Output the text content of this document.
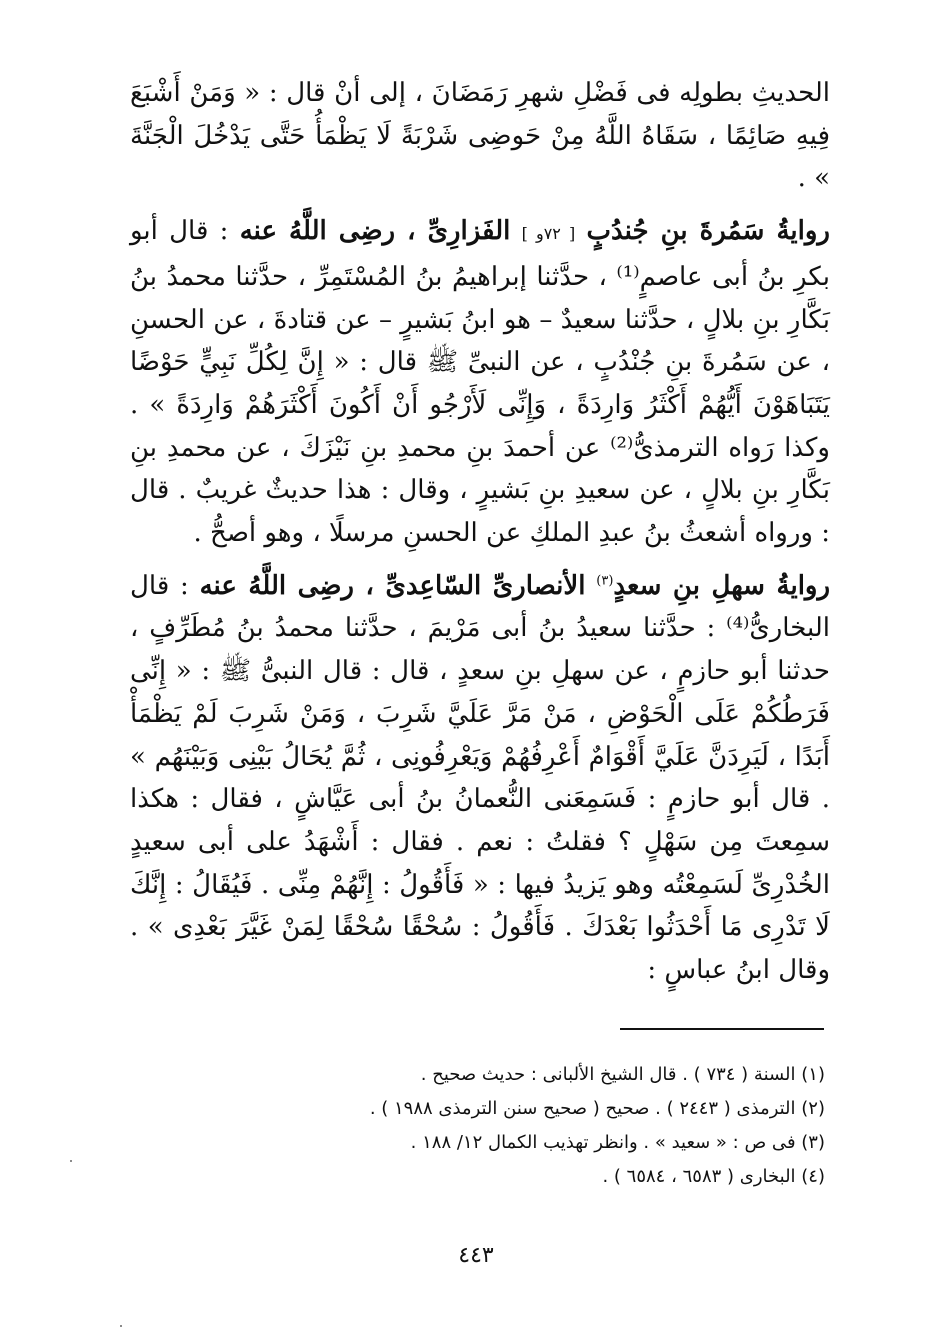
الحديثِ بطولِه فى فَضْلِ شهرِ رَمَضَانَ ، إلى أنْ قال : « وَمَنْ أَشْبَعَ فِيهِ صَائِمًا ، سَقَاهُ اللَّهُ مِنْ حَوضِى شَرْبَةً لَا يَظْمَأُ حَتَّى يَدْخُلَ الْجَنَّةَ » .

روايةُ سَمُرةَ بنِ جُندُبٍ [ ٧٢و ] الفَزارِىِّ ، رضِى اللَّهُ عنه : قال أبو بكرِ بنُ أبى عاصمٍ⁽¹⁾ ، حدَّثنا إبراهيمُ بنُ المُسْتَمِرِّ ، حدَّثنا محمدُ بنُ بَكَّارِ بنِ بلالٍ ، حدَّثنا سعيدٌ – هو ابنُ بَشيرٍ – عن قتادةَ ، عن الحسنِ ، عن سَمُرةَ بنِ جُنْدُبٍ ، عن النبىِّ ﷺ قال : « إِنَّ لِكُلِّ نَبِيٍّ حَوْضًا يَتَبَاهَوْنَ أَيُّهُمْ أَكْثَرُ وَارِدَةً ، وَإِنِّى لَأَرْجُو أَنْ أَكُونَ أَكْثَرَهُمْ وَارِدَةً » . وكذا رَواه الترمذىُّ⁽²⁾ عن أحمدَ بنِ محمدِ بنِ نَيْزَكَ ، عن محمدِ بنِ بَكَّارِ بنِ بلالٍ ، عن سعيدِ بنِ بَشيرٍ ، وقال : هذا حديثٌ غريبٌ . قال : ورواه أشعثُ بنُ عبدِ الملكِ عن الحسنِ مرسلًا ، وهو أصحُّ .

روايةُ سهلِ بنِ سعدٍ$^{(٣)}$ الأنصارىِّ السّاعِدىِّ ، رضِى اللَّهُ عنه : قال البخارىُّ⁽⁴⁾ : حدَّثنا سعيدُ بنُ أبى مَرْيمَ ، حدَّثنا محمدُ بنُ مُطَرِّفٍ ، حدثنا أبو حازمٍ ، عن سهلِ بنِ سعدٍ ، قال : قال النبىُّ ﷺ : « إِنِّى فَرَطُكُمْ عَلَى الْحَوْضِ ، مَنْ مَرَّ عَلَيَّ شَرِبَ ، وَمَنْ شَرِبَ لَمْ يَظْمَأْ أَبَدًا ، لَيَرِدَنَّ عَلَيَّ أَقْوَامٌ أَعْرِفُهُمْ وَيَعْرِفُونِى ، ثُمَّ يُحَالُ بَيْنِى وَبَيْنَهُم » . قال أبو حازمٍ : فَسَمِعَنى النُّعمانُ بنُ أبى عَيَّاشٍ ، فقال : هكذا سمِعتَ مِن سَهْلٍ ؟ فقلتُ : نعم . فقال : أَشْهَدُ على أبى سعيدٍ الخُدْرِىِّ لَسَمِعْتُه وهو يَزيدُ فيها : « فَأَقُولُ : إِنَّهُمْ مِنِّى . فَيُقَالُ : إِنَّكَ لَا تَدْرِى مَا أَحْدَثُوا بَعْدَكَ . فَأَقُولُ : سُحْقًا سُحْقًا لِمَنْ غَيَّرَ بَعْدِى » . وقال ابنُ عباسٍ :

(١) السنة ( ٧٣٤ ) . قال الشيخ الألبانى : حديث صحيح .

(٢) الترمذى ( ٢٤٤٣ ) . صحيح ( صحيح سنن الترمذى ١٩٨٨ ) .

(٣) فى ص : « سعيد » . وانظر تهذيب الكمال ١٢/ ١٨٨ .

(٤) البخارى ( ٦٥٨٣ ، ٦٥٨٤ ) .

٤٤٣
